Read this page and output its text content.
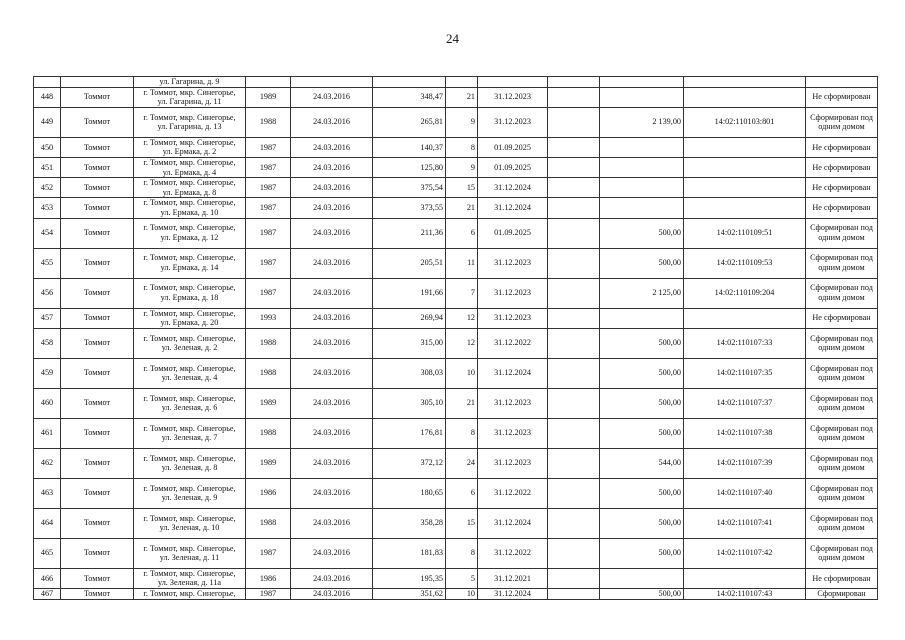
24
		ул. Гагарина, д. 9									
448	Томмот	г. Томмот, мкр. Синегорье,
ул. Гагарина, д. 11	1989	24.03.2016	348,47	21	31.12.2023				Не сформирован
449	Томмот	г. Томмот, мкр. Синегорье,
ул. Гагарина, д. 13	1988	24.03.2016	265,81	9	31.12.2023		2 139,00	14:02:110103:801	Сформирован под одним домом
450	Томмот	г. Томмот, мкр. Синегорье,
ул. Ермака, д. 2	1987	24.03.2016	140,37	8	01.09.2025				Не сформирован
451	Томмот	г. Томмот, мкр. Синегорье,
ул. Ермака, д. 4	1987	24.03.2016	125,80	9	01.09.2025				Не сформирован
452	Томмот	г. Томмот, мкр. Синегорье,
ул. Ермака, д. 8	1987	24.03.2016	375,54	15	31.12.2024				Не сформирован
453	Томмот	г. Томмот, мкр. Синегорье,
ул. Ермака, д. 10	1987	24.03.2016	373,55	21	31.12.2024				Не сформирован
454	Томмот	г. Томмот, мкр. Синегорье,
ул. Ермака, д. 12	1987	24.03.2016	211,36	6	01.09.2025		500,00	14:02:110109:51	Сформирован под одним домом
455	Томмот	г. Томмот, мкр. Синегорье,
ул. Ермака, д. 14	1987	24.03.2016	205,51	11	31.12.2023		500,00	14:02:110109:53	Сформирован под одним домом
456	Томмот	г. Томмот, мкр. Синегорье,
ул. Ермака, д. 18	1987	24.03.2016	191,66	7	31.12.2023		2 125,00	14:02:110109:204	Сформирован под одним домом
457	Томмот	г. Томмот, мкр. Синегорье,
ул. Ермака, д. 20	1993	24.03.2016	269,94	12	31.12.2023				Не сформирован
458	Томмот	г. Томмот, мкр. Синегорье,
ул. Зеленая, д. 2	1988	24.03.2016	315,00	12	31.12.2022		500,00	14:02:110107:33	Сформирован под одним домом
459	Томмот	г. Томмот, мкр. Синегорье,
ул. Зеленая, д. 4	1988	24.03.2016	308,03	10	31.12.2024		500,00	14:02:110107:35	Сформирован под одним домом
460	Томмот	г. Томмот, мкр. Синегорье,
ул. Зеленая, д. 6	1989	24.03.2016	305,10	21	31.12.2023		500,00	14:02:110107:37	Сформирован под одним домом
461	Томмот	г. Томмот, мкр. Синегорье,
ул. Зеленая, д. 7	1988	24.03.2016	176,81	8	31.12.2023		500,00	14:02:110107:38	Сформирован под одним домом
462	Томмот	г. Томмот, мкр. Синегорье,
ул. Зеленая, д. 8	1989	24.03.2016	372,12	24	31.12.2023		544,00	14:02:110107:39	Сформирован под одним домом
463	Томмот	г. Томмот, мкр. Синегорье,
ул. Зеленая, д. 9	1986	24.03.2016	180,65	6	31.12.2022		500,00	14:02:110107:40	Сформирован под одним домом
464	Томмот	г. Томмот, мкр. Синегорье,
ул. Зеленая, д. 10	1988	24.03.2016	358,28	15	31.12.2024		500,00	14:02:110107:41	Сформирован под одним домом
465	Томмот	г. Томмот, мкр. Синегорье,
ул. Зеленая, д. 11	1987	24.03.2016	181,83	8	31.12.2022		500,00	14:02:110107:42	Сформирован под одним домом
466	Томмот	г. Томмот, мкр. Синегорье,
ул. Зеленая, д. 11а	1986	24.03.2016	195,35	5	31.12.2021				Не сформирован
467	Томмот	г. Томмот, мкр. Синегорье,	1987	24.03.2016	351,62	10	31.12.2024		500,00	14:02:110107:43	Сформирован
